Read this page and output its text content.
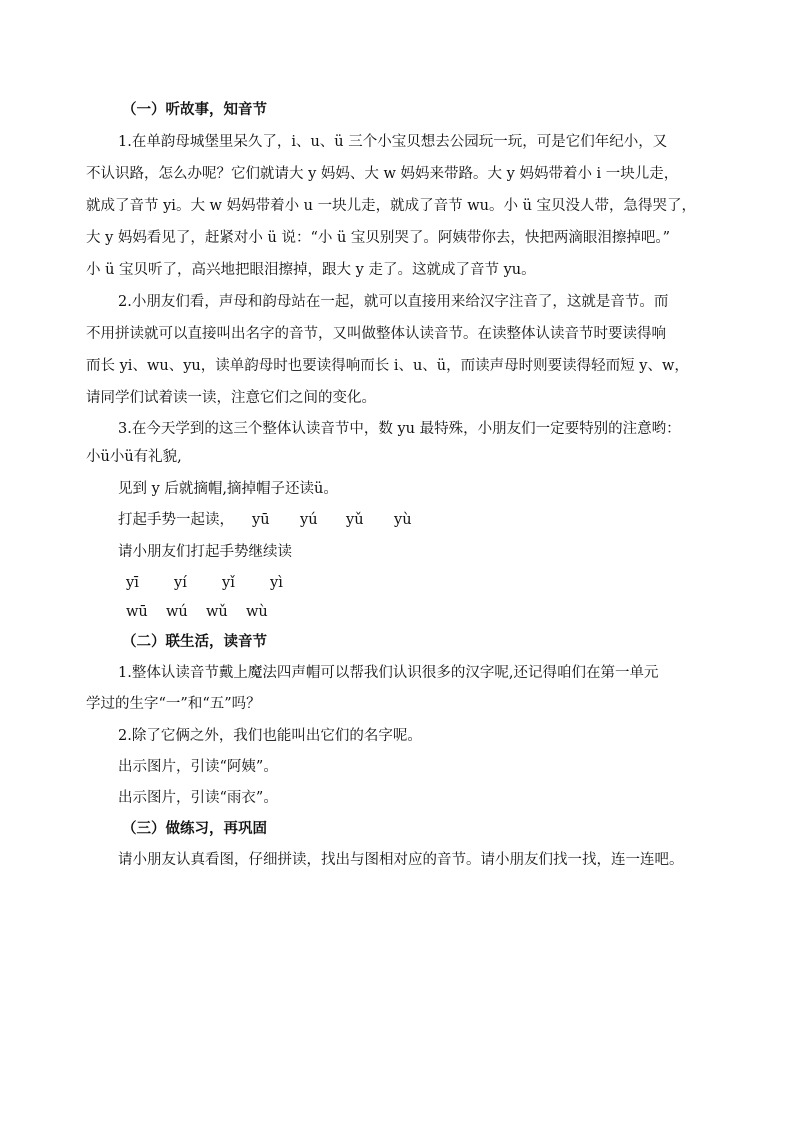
（一）听故事，知音节
1.在单韵母城堡里呆久了，i、u、ü 三个小宝贝想去公园玩一玩，可是它们年纪小，又
不认识路，怎么办呢？它们就请大 y 妈妈、大 w 妈妈来带路。大 y 妈妈带着小 i 一块儿走，
就成了音节 yi。大 w 妈妈带着小 u 一块儿走，就成了音节 wu。小 ü 宝贝没人带，急得哭了，
大 y 妈妈看见了，赶紧对小 ü 说：“小 ü 宝贝别哭了。阿姨带你去，快把两滴眼泪擦掉吧。”
小 ü 宝贝听了，高兴地把眼泪擦掉，跟大 y 走了。这就成了音节 yu。
2.小朋友们看，声母和韵母站在一起，就可以直接用来给汉字注音了，这就是音节。而
不用拼读就可以直接叫出名字的音节，又叫做整体认读音节。在读整体认读音节时要读得响
而长 yi、wu、yu，读单韵母时也要读得响而长 i、u、ü，而读声母时则要读得轻而短 y、w，
请同学们试着读一读，注意它们之间的变化。
3.在今天学到的这三个整体认读音节中，数 yu 最特殊，小朋友们一定要特别的注意哟：
小ü小ü有礼貌,
见到 y 后就摘帽,摘掉帽子还读ü。
打起手势一起读， yū yú yǔ yù
请小朋友们打起手势继续读
yī yí yǐ yì
wū wú wǔ wù
（二）联生活，读音节
1.整体认读音节戴上魔法四声帽可以帮我们认识很多的汉字呢,还记得咱们在第一单元
学过的生字“一”和“五”吗？
2.除了它俩之外，我们也能叫出它们的名字呢。
出示图片，引读“阿姨”。
出示图片，引读“雨衣”。
（三）做练习，再巩固
请小朋友认真看图，仔细拼读，找出与图相对应的音节。请小朋友们找一找，连一连吧。
